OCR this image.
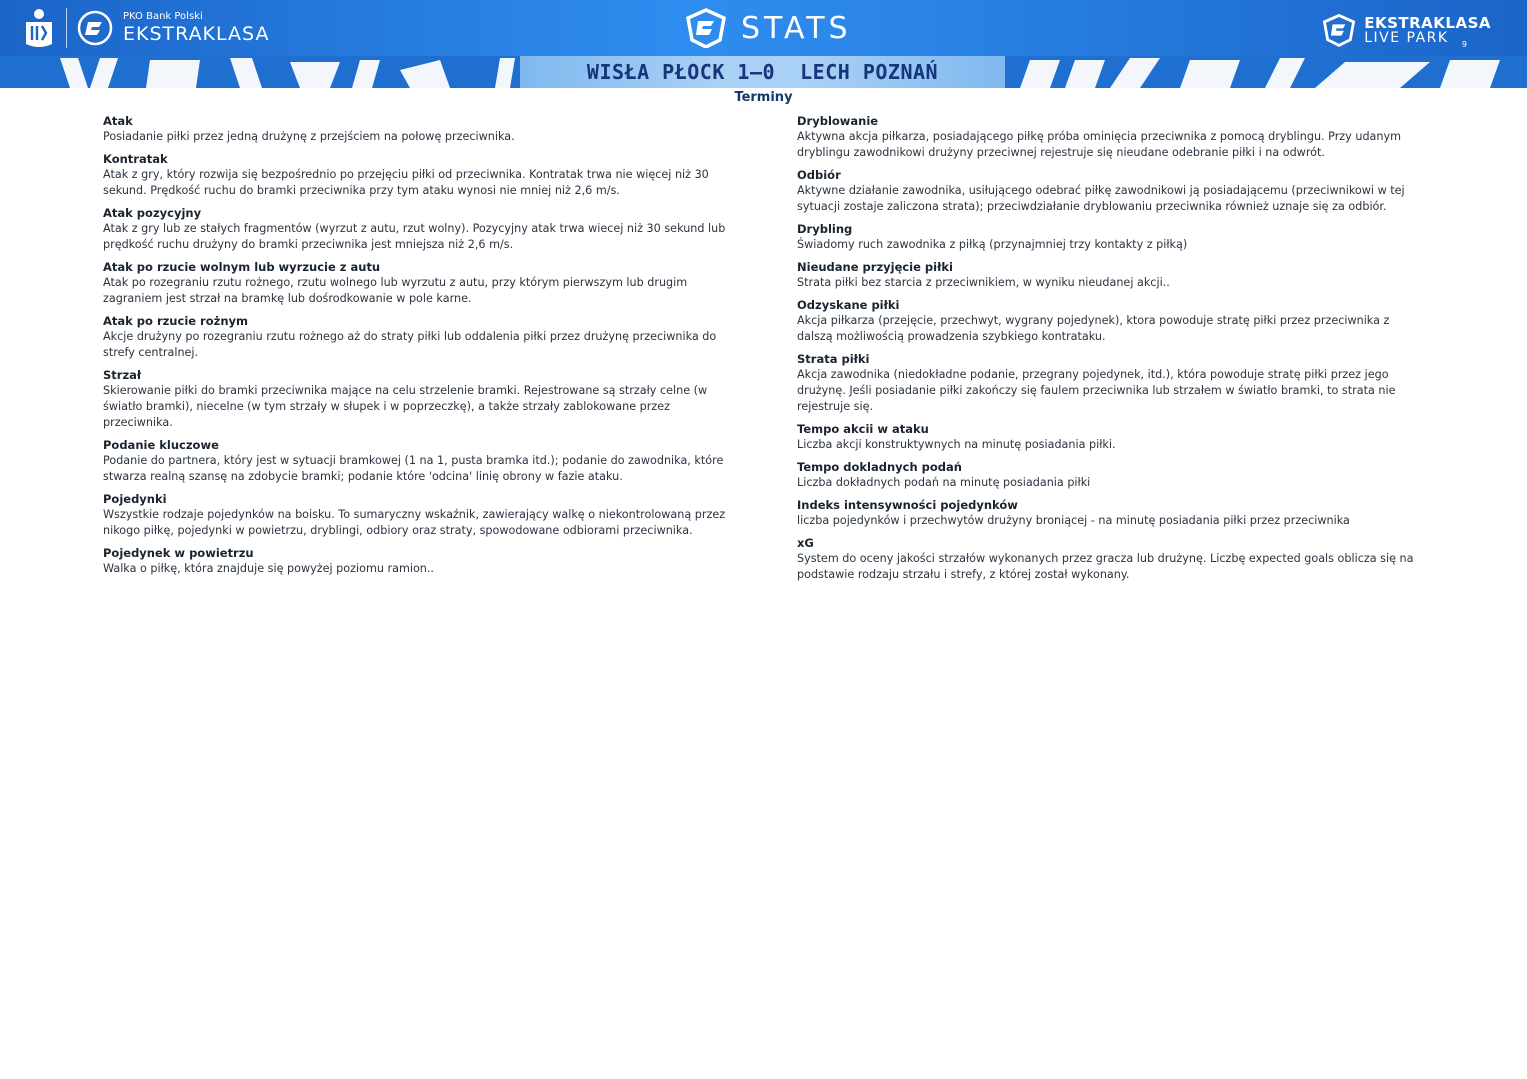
PKO Bank Polski
EKSTRAKLASA	STATS	EKSTRAKLASA
LIVE PARK	9
WISŁA PŁOCK 1–0  LECH POZNAŃ
Terminy
Atak
Posiadanie piłki przez jedną drużynę z przejściem na połowę przeciwnika.
Kontratak
Atak z gry, który rozwija się bezpośrednio po przejęciu piłki od przeciwnika. Kontratak trwa nie więcej niż 30 sekund. Prędkość ruchu do bramki przeciwnika przy tym ataku wynosi nie mniej niż 2,6 m/s.
Atak pozycyjny
Atak z gry lub ze stałych fragmentów (wyrzut z autu, rzut wolny). Pozycyjny atak trwa wiecej niż 30 sekund lub prędkość ruchu drużyny do bramki przeciwnika jest mniejsza niż 2,6 m/s.
Atak po rzucie wolnym lub wyrzucie z autu
Atak po rozegraniu rzutu rożnego, rzutu wolnego lub wyrzutu z autu, przy którym pierwszym lub drugim zagraniem jest strzał na bramkę lub dośrodkowanie w pole karne.
Atak po rzucie rożnym
Akcje drużyny po rozegraniu rzutu rożnego aż do straty piłki lub oddalenia piłki przez drużynę przeciwnika do strefy centralnej.
Strzał
Skierowanie piłki do bramki przeciwnika mające na celu strzelenie bramki. Rejestrowane są strzały celne (w światło bramki), niecelne (w tym strzały w słupek i w poprzeczkę), a także strzały zablokowane przez przeciwnika.
Podanie kluczowe
Podanie do partnera, który jest w sytuacji bramkowej (1 na 1, pusta bramka itd.); podanie do zawodnika, które stwarza realną szansę na zdobycie bramki; podanie które 'odcina' linię obrony w fazie ataku.
Pojedynki
Wszystkie rodzaje pojedynków na boisku. To sumaryczny wskaźnik, zawierający walkę o niekontrolowaną przez nikogo piłkę, pojedynki w powietrzu, dryblingi, odbiory oraz straty, spowodowane odbiorami przeciwnika.
Pojedynek w powietrzu
Walka o piłkę, która znajduje się powyżej poziomu ramion..
Dryblowanie
Aktywna akcja piłkarza, posiadającego piłkę próba ominięcia przeciwnika z pomocą dryblingu. Przy udanym dryblingu zawodnikowi drużyny przeciwnej rejestruje się nieudane odebranie piłki i na odwrót.
Odbiór
Aktywne działanie zawodnika, usiłującego odebrać piłkę zawodnikowi ją posiadającemu (przeciwnikowi w tej sytuacji zostaje zaliczona strata); przeciwdziałanie dryblowaniu przeciwnika również uznaje się za odbiór.
Drybling
Świadomy ruch zawodnika z piłką (przynajmniej trzy kontakty z piłką)
Nieudane przyjęcie piłki
Strata piłki bez starcia z przeciwnikiem, w wyniku nieudanej akcji..
Odzyskane piłki
Akcja piłkarza (przejęcie, przechwyt, wygrany pojedynek), ktora powoduje stratę piłki przez przeciwnika z dalszą możliwością prowadzenia szybkiego kontrataku.
Strata piłki
Akcja zawodnika (niedokładne podanie, przegrany pojedynek, itd.), która powoduje stratę piłki przez jego drużynę. Jeśli posiadanie piłki zakończy się faulem przeciwnika lub strzałem w światło bramki, to strata nie rejestruje się.
Tempo akcii w ataku
Liczba akcji konstruktywnych na minutę posiadania piłki.
Tempo dokladnych podań
Liczba dokładnych podań na minutę posiadania piłki
Indeks intensywności pojedynków
liczba pojedynków i przechwytów drużyny broniącej - na minutę posiadania piłki przez przeciwnika
xG
System do oceny jakości strzałów wykonanych przez gracza lub drużynę. Liczbę expected goals oblicza się na podstawie rodzaju strzału i strefy, z której został wykonany.
